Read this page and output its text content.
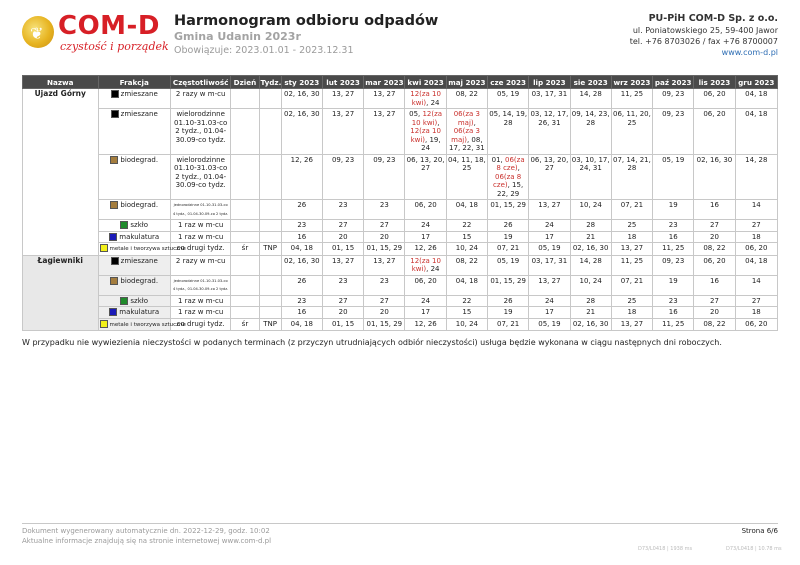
❦ COM-D
czystość i porządek
Harmonogram odbioru odpadów
Gmina Udanin 2023r
Obowiązuje: 2023.01.01 - 2023.12.31
PU-PiH COM-D Sp. z o.o.
ul. Poniatowskiego 25, 59-400 Jawor
tel. +76 8703026 / fax +76 8700007
www.com-d.pl
Nazwa	Frakcja	Częstotliwość	Dzień	Tydz.	sty 2023	lut 2023	mar 2023	kwi 2023	maj 2023	cze 2023	lip 2023	sie 2023	wrz 2023	paź 2023	lis 2023	gru 2023
Ujazd Górny	zmieszane	2 razy w m-cu			02, 16, 30	13, 27	13, 27	12(za 10 kwi), 24	08, 22	05, 19	03, 17, 31	14, 28	11, 25	09, 23	06, 20	04, 18
	zmieszane	wielorodzinne 01.10-31.03-co 2 tydz., 01.04-30.09-co tydz.			02, 16, 30	13, 27	13, 27	05, 12(za 10 kwi), 12(za 10 kwi), 19, 24	06(za 3 maj), 06(za 3 maj), 08, 17, 22, 31	05, 14, 19, 28	03, 12, 17, 26, 31	09, 14, 23, 28	06, 11, 20, 25	09, 23	06, 20	04, 18
	biodegrad.	wielorodzinne 01.10-31.03-co 2 tydz., 01.04-30.09-co tydz.			12, 26	09, 23	09, 23	06, 13, 20, 27	04, 11, 18, 25	01, 06(za 8 cze), 06(za 8 cze), 15, 22, 29	06, 13, 20, 27	03, 10, 17, 24, 31	07, 14, 21, 28	05, 19	02, 16, 30	14, 28
	biodegrad.	jednorodzinne 01.10-31.03-co 4 tydz., 01.04-30.09-co 2 tydz.			26	23	23	06, 20	04, 18	01, 15, 29	13, 27	10, 24	07, 21	19	16	14
	szkło	1 raz w m-cu			23	27	27	24	22	26	24	28	25	23	27	27
	makulatura	1 raz w m-cu			16	20	20	17	15	19	17	21	18	16	20	18
	metale i tworzywa sztuczne	co drugi tydz.	śr	TNP	04, 18	01, 15	01, 15, 29	12, 26	10, 24	07, 21	05, 19	02, 16, 30	13, 27	11, 25	08, 22	06, 20
Łagiewniki	zmieszane	2 razy w m-cu			02, 16, 30	13, 27	13, 27	12(za 10 kwi), 24	08, 22	05, 19	03, 17, 31	14, 28	11, 25	09, 23	06, 20	04, 18
	biodegrad.	jednorodzinne 01.10-31.03-co 4 tydz., 01.04-30.09-co 2 tydz.			26	23	23	06, 20	04, 18	01, 15, 29	13, 27	10, 24	07, 21	19	16	14
	szkło	1 raz w m-cu			23	27	27	24	22	26	24	28	25	23	27	27
	makulatura	1 raz w m-cu			16	20	20	17	15	19	17	21	18	16	20	18
	metale i tworzywa sztuczne	co drugi tydz.	śr	TNP	04, 18	01, 15	01, 15, 29	12, 26	10, 24	07, 21	05, 19	02, 16, 30	13, 27	11, 25	08, 22	06, 20
W przypadku nie wywiezienia nieczystości w podanych terminach (z przyczyn utrudniających odbiór nieczystości) usługa będzie wykonana w ciągu następnych dni roboczych.
Dokument wygenerowany automatycznie dn. 2022-12-29, godz. 10:02
Aktualne informacje znajdują się na stronie internetowej www.com-d.pl
Strona 6/6
D73/L0418 | 1938 ms	D73/L0418 | 10.78 ms
